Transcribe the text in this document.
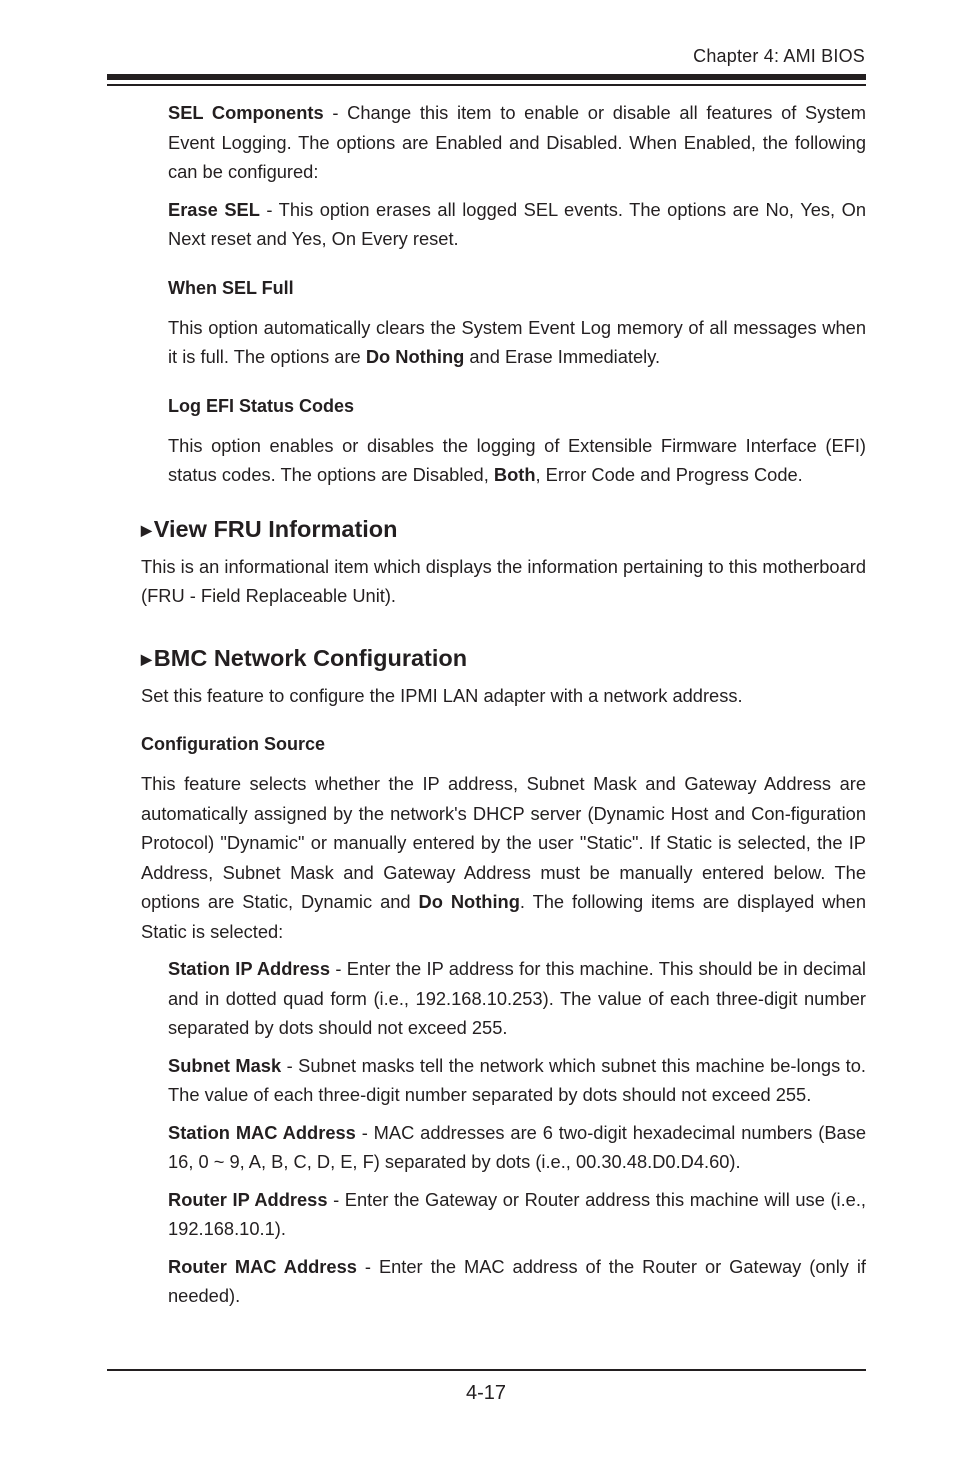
Chapter 4: AMI BIOS

SEL Components - Change this item to enable or disable all features of System Event Logging. The options are Enabled and Disabled. When Enabled, the following can be configured:

Erase SEL - This option erases all logged SEL events. The options are No, Yes, On Next reset and Yes, On Every reset.

When SEL Full

This option automatically clears the System Event Log memory of all messages when it is full. The options are Do Nothing and Erase Immediately.

Log EFI Status Codes

This option enables or disables the logging of Extensible Firmware Interface (EFI) status codes. The options are Disabled, Both, Error Code and Progress Code.

▶ View FRU Information

This is an informational item which displays the information pertaining to this motherboard (FRU - Field Replaceable Unit).

▶ BMC Network Configuration

Set this feature to configure the IPMI LAN adapter with a network address.

Configuration Source

This feature selects whether the IP address, Subnet Mask and Gateway Address are automatically assigned by the network's DHCP server (Dynamic Host and Con-figuration Protocol) "Dynamic" or manually entered by the user "Static". If Static is selected, the IP Address, Subnet Mask and Gateway Address must be manually entered below. The options are Static, Dynamic and Do Nothing. The following items are displayed when Static is selected:

Station IP Address - Enter the IP address for this machine. This should be in decimal and in dotted quad form (i.e., 192.168.10.253). The value of each three-digit number separated by dots should not exceed 255.

Subnet Mask - Subnet masks tell the network which subnet this machine be-longs to. The value of each three-digit number separated by dots should not exceed 255.

Station MAC Address - MAC addresses are 6 two-digit hexadecimal numbers (Base 16, 0 ~ 9, A, B, C, D, E, F) separated by dots (i.e., 00.30.48.D0.D4.60).

Router IP Address - Enter the Gateway or Router address this machine will use (i.e., 192.168.10.1).

Router MAC Address - Enter the MAC address of the Router or Gateway (only if needed).

4-17
